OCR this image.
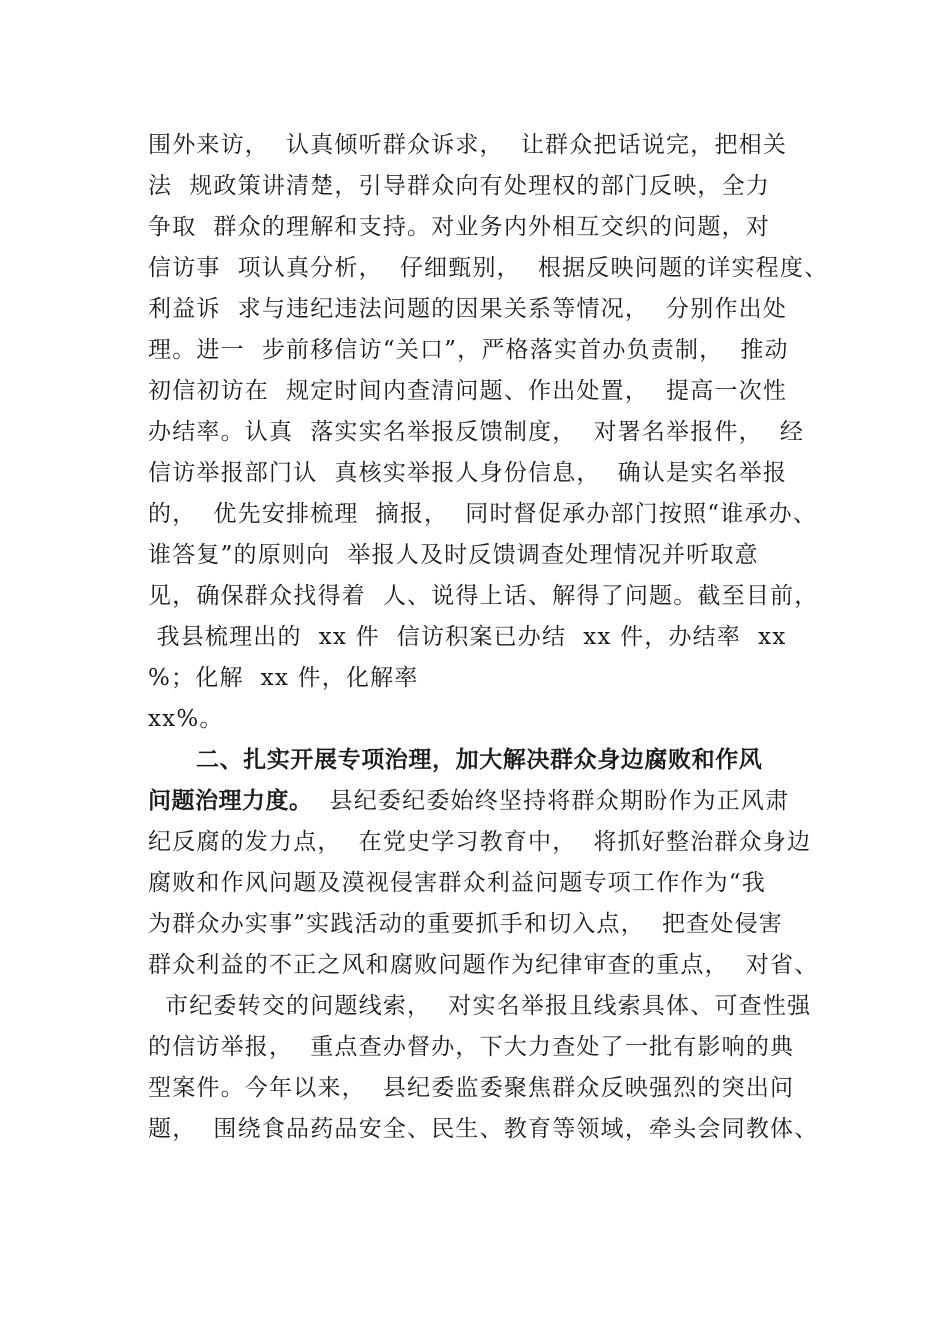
围外来访，  认真倾听群众诉求，  让群众把话说完，把相关
法  规政策讲清楚，引导群众向有处理权的部门反映，全力
争取  群众的理解和支持。对业务内外相互交织的问题，对
信访事  项认真分析，  仔细甄别，  根据反映问题的详实程度、
利益诉  求与违纪违法问题的因果关系等情况，  分别作出处
理。进一  步前移信访“关口”，严格落实首办负责制，  推动
初信初访在  规定时间内查清问题、作出处置，  提高一次性
办结率。认真  落实实名举报反馈制度，  对署名举报件，  经
信访举报部门认  真核实举报人身份信息，  确认是实名举报
的，  优先安排梳理  摘报，  同时督促承办部门按照“谁承办、
谁答复”的原则向  举报人及时反馈调查处理情况并听取意
见，确保群众找得着  人、说得上话、解得了问题。截至目前，
我县梳理出的  xx 件  信访积案已办结  xx 件，办结率  xx
%；化解  xx 件，化解率
xx%。
二、扎实开展专项治理，加大解决群众身边腐败和作风
问题治理力度。  县纪委纪委始终坚持将群众期盼作为正风肃
纪反腐的发力点，  在党史学习教育中，  将抓好整治群众身边
腐败和作风问题及漠视侵害群众利益问题专项工作作为“我
为群众办实事”实践活动的重要抓手和切入点，  把查处侵害
群众利益的不正之风和腐败问题作为纪律审查的重点，  对省、
市纪委转交的问题线索，  对实名举报且线索具体、可查性强
的信访举报，  重点查办督办，下大力查处了一批有影响的典
型案件。今年以来，  县纪委监委聚焦群众反映强烈的突出问
题，  围绕食品药品安全、民生、教育等领域，牵头会同教体、
